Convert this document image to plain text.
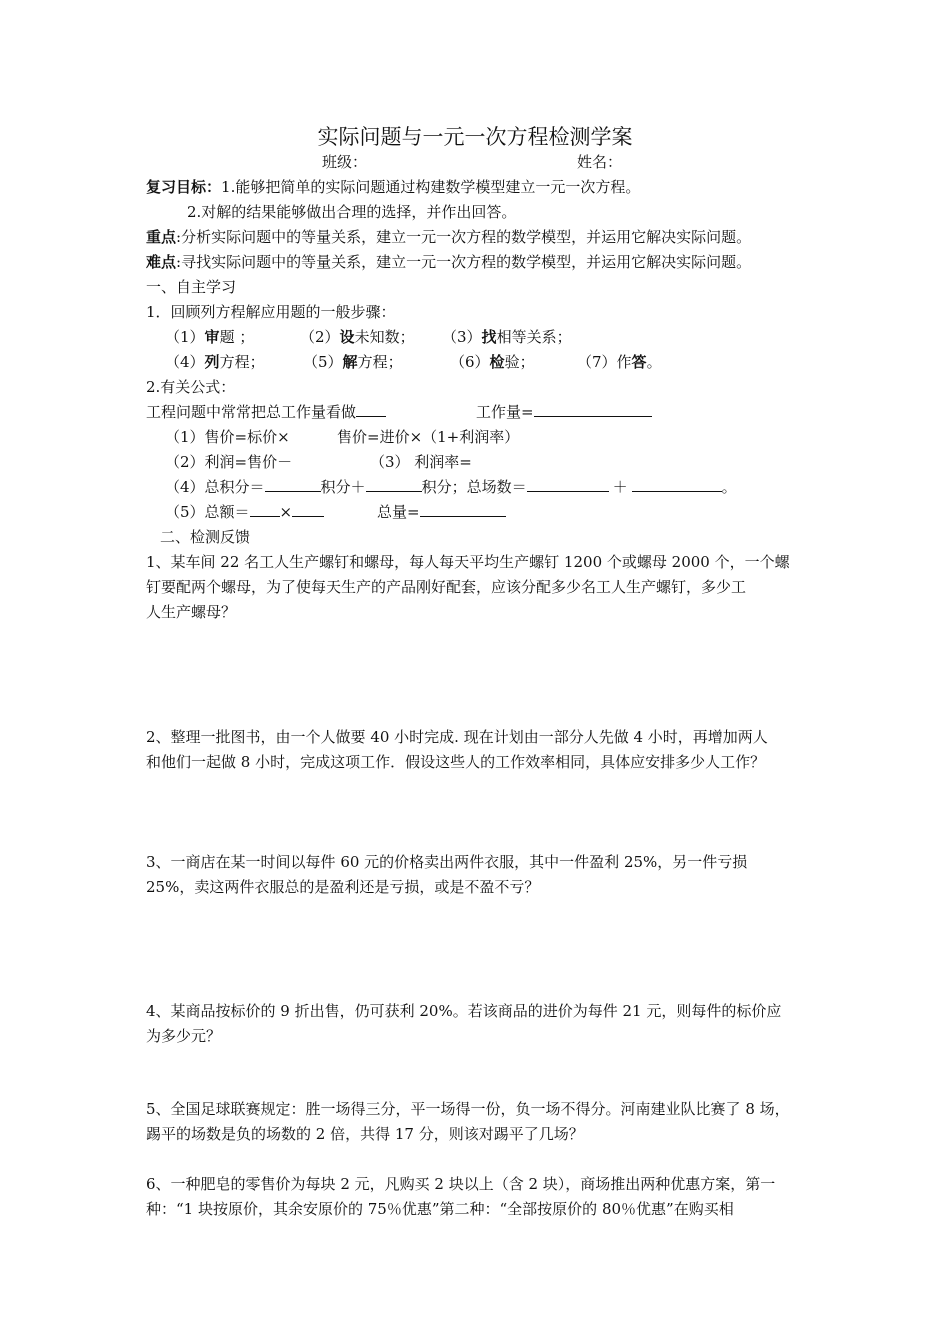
实际问题与一元一次方程检测学案
班级：	姓名：
复习目标：1.能够把简单的实际问题通过构建数学模型建立一元一次方程。
2.对解的结果能够做出合理的选择，并作出回答。
重点:分析实际问题中的等量关系，建立一元一次方程的数学模型，并运用它解决实际问题。
难点:寻找实际问题中的等量关系，建立一元一次方程的数学模型，并运用它解决实际问题。
一、自主学习
1．回顾列方程解应用题的一般步骤：
（1）审题 ；	（2）设未知数； （3）找相等关系；
（4）列方程；	（5）解方程；	（6）检验；	（7）作答。
2.有关公式：
工程问题中常常把总工作量看做	工作量=
（1）售价=标价×	售价=进价×（1+利润率）
（2）利润=售价－	（3） 利润率=
（4）总积分＝	积分＋	积分；总场数＝	＋	。
（5）总额＝ ×	总量=
二、检测反馈
1、某车间 22 名工人生产螺钉和螺母，每人每天平均生产螺钉 1200 个或螺母 2000 个，一个螺
钉要配两个螺母，为了使每天生产的产品刚好配套，应该分配多少名工人生产螺钉，多少工
人生产螺母？
2、整理一批图书，由一个人做要 40 小时完成. 现在计划由一部分人先做 4 小时，再增加两人
和他们一起做 8 小时，完成这项工作．假设这些人的工作效率相同，具体应安排多少人工作？
3、一商店在某一时间以每件 60 元的价格卖出两件衣服，其中一件盈利 25%，另一件亏损
25%，卖这两件衣服总的是盈利还是亏损，或是不盈不亏？
4、某商品按标价的 9 折出售，仍可获利 20%。若该商品的进价为每件 21 元，则每件的标价应
为多少元？
5、全国足球联赛规定：胜一场得三分，平一场得一份，负一场不得分。河南建业队比赛了 8 场，
踢平的场数是负的场数的 2 倍，共得 17 分，则该对踢平了几场？
6、一种肥皂的零售价为每块 2 元，凡购买 2 块以上（含 2 块），商场推出两种优惠方案，第一
种：“1 块按原价，其余安原价的 75％优惠”第二种：“全部按原价的 80％优惠”在购买相
